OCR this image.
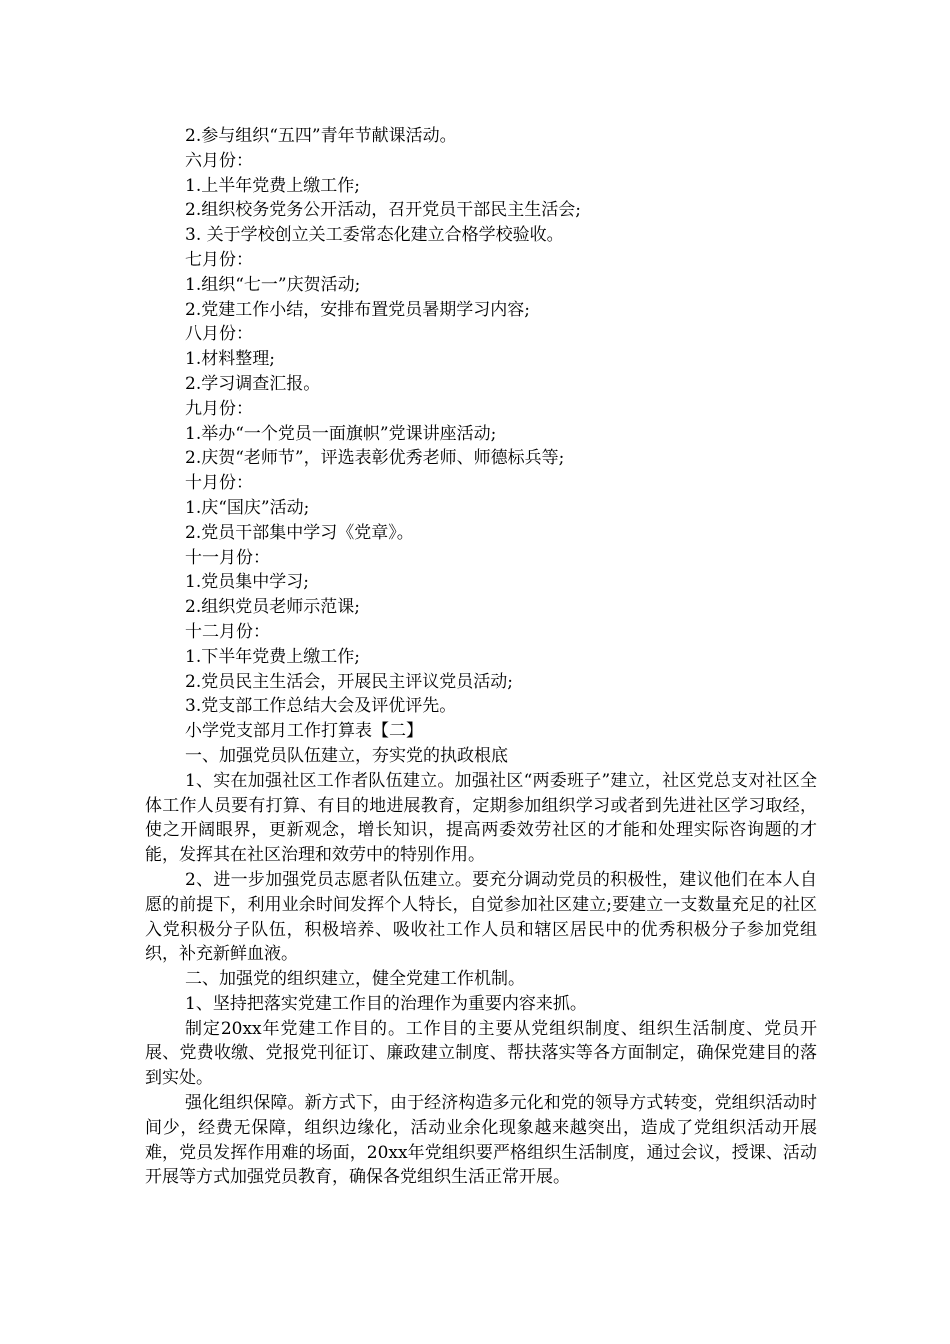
2.参与组织“五四”青年节献课活动。
六月份：
1.上半年党费上缴工作;
2.组织校务党务公开活动，召开党员干部民主生活会;
3. 关于学校创立关工委常态化建立合格学校验收。
七月份：
1.组织“七一”庆贺活动;
2.党建工作小结，安排布置党员暑期学习内容;
八月份：
1.材料整理;
2.学习调查汇报。
九月份：
1.举办“一个党员一面旗帜”党课讲座活动;
2.庆贺“老师节”，评选表彰优秀老师、师德标兵等;
十月份：
1.庆“国庆”活动;
2.党员干部集中学习《党章》。
十一月份：
1.党员集中学习;
2.组织党员老师示范课;
十二月份：
1.下半年党费上缴工作;
2.党员民主生活会，开展民主评议党员活动;
3.党支部工作总结大会及评优评先。
小学党支部月工作打算表【二】
一、加强党员队伍建立，夯实党的执政根底

1、实在加强社区工作者队伍建立。加强社区“两委班子”建立，社区党总支对社区全体工作人员要有打算、有目的地进展教育，定期参加组织学习或者到先进社区学习取经，使之开阔眼界，更新观念，增长知识，提高两委效劳社区的才能和处理实际咨询题的才能，发挥其在社区治理和效劳中的特别作用。

2、进一步加强党员志愿者队伍建立。要充分调动党员的积极性，建议他们在本人自愿的前提下，利用业余时间发挥个人特长，自觉参加社区建立;要建立一支数量充足的社区入党积极分子队伍，积极培养、吸收社工作人员和辖区居民中的优秀积极分子参加党组织，补充新鲜血液。

二、加强党的组织建立，健全党建工作机制。

1、坚持把落实党建工作目的治理作为重要内容来抓。

制定20xx年党建工作目的。工作目的主要从党组织制度、组织生活制度、党员开展、党费收缴、党报党刊征订、廉政建立制度、帮扶落实等各方面制定，确保党建目的落到实处。

强化组织保障。新方式下，由于经济构造多元化和党的领导方式转变，党组织活动时间少，经费无保障，组织边缘化，活动业余化现象越来越突出，造成了党组织活动开展难，党员发挥作用难的场面，20xx年党组织要严格组织生活制度，通过会议，授课、活动开展等方式加强党员教育，确保各党组织生活正常开展。
